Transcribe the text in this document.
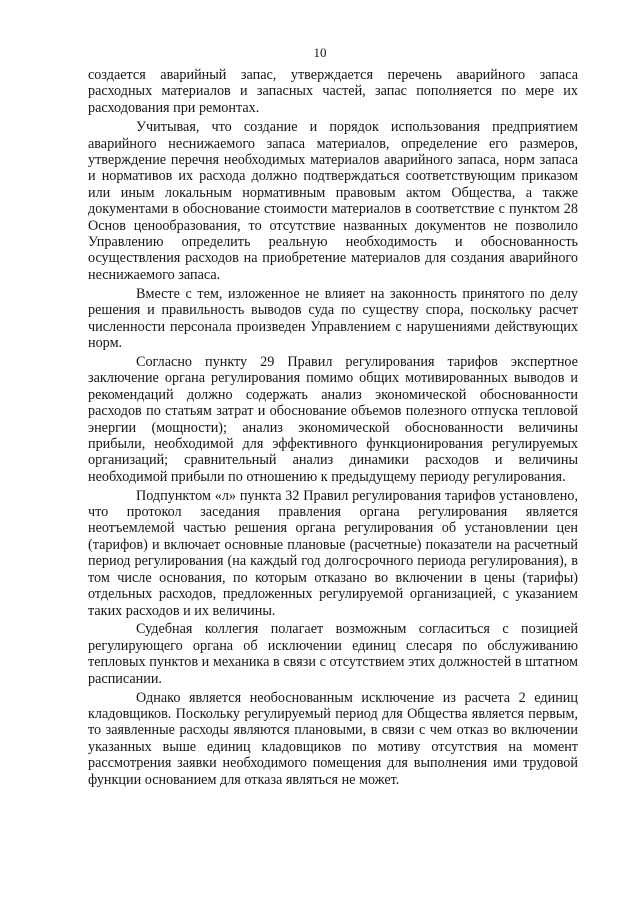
10

создается аварийный запас, утверждается перечень аварийного запаса расходных материалов и запасных частей, запас пополняется по мере их расходования при ремонтах.

Учитывая, что создание и порядок использования предприятием аварийного неснижаемого запаса материалов, определение его размеров, утверждение перечня необходимых материалов аварийного запаса, норм запаса и нормативов их расхода должно подтверждаться соответствующим приказом или иным локальным нормативным правовым актом Общества, а также документами в обоснование стоимости материалов в соответствие с пунктом 28 Основ ценообразования, то отсутствие названных документов не позволило Управлению определить реальную необходимость и обоснованность осуществления расходов на приобретение материалов для создания аварийного неснижаемого запаса.

Вместе с тем, изложенное не влияет на законность принятого по делу решения и правильность выводов суда по существу спора, поскольку расчет численности персонала произведен Управлением с нарушениями действующих норм.

Согласно пункту 29 Правил регулирования тарифов экспертное заключение органа регулирования помимо общих мотивированных выводов и рекомендаций должно содержать анализ экономической обоснованности расходов по статьям затрат и обоснование объемов полезного отпуска тепловой энергии (мощности); анализ экономической обоснованности величины прибыли, необходимой для эффективного функционирования регулируемых организаций; сравнительный анализ динамики расходов и величины необходимой прибыли по отношению к предыдущему периоду регулирования.

Подпунктом «л» пункта 32 Правил регулирования тарифов установлено, что протокол заседания правления органа регулирования является неотъемлемой частью решения органа регулирования об установлении цен (тарифов) и включает основные плановые (расчетные) показатели на расчетный период регулирования (на каждый год долгосрочного периода регулирования), в том числе основания, по которым отказано во включении в цены (тарифы) отдельных расходов, предложенных регулируемой организацией, с указанием таких расходов и их величины.

Судебная коллегия полагает возможным согласиться с позицией регулирующего органа об исключении единиц слесаря по обслуживанию тепловых пунктов и механика в связи с отсутствием этих должностей в штатном расписании.

Однако является необоснованным исключение из расчета 2 единиц кладовщиков. Поскольку регулируемый период для Общества является первым, то заявленные расходы являются плановыми, в связи с чем отказ во включении указанных выше единиц кладовщиков по мотиву отсутствия на момент рассмотрения заявки необходимого помещения для выполнения ими трудовой функции основанием для отказа являться не может.
